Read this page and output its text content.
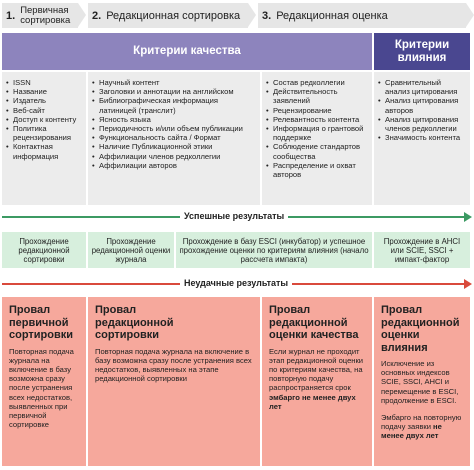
1. Первичная сортировка	2. Редакционная сортировка 3. Редакционная оценка
Критерии качества
Критерии влияния
• ISSN
• Название
• Издатель
• Веб-сайт
• Доступ к контенту
• Политика рецензирования
• Контактная информация
• Научный контент
• Заголовки и аннотации на английском
• Библиографическая информация латиницей (транслит)
• Ясность языка
• Периодичность и/или объем публикации
• Функциональность сайта / Формат
• Наличие Публикационной этики
• Аффилиации членов редколлегии
• Аффилиации авторов
• Состав редколлегии
• Действительность заявлений
• Рецензирование
• Релевантность контента
• Информация о грантовой поддержке
• Соблюдение стандартов сообщества
• Распределение и охват авторов
• Сравнительный анализ цитирования
• Анализ цитирования авторов
• Анализ цитирования членов редколлегии
• Значимость контента
Успешные результаты
Прохождение редакционной сортировки
Прохождение редакционной оценки журнала
Прохождение в базу ESCI (инкубатор) и успешное прохождение оценки по критериям влияния (начало рассчета импакта)
Прохождение в AHCI или SCIE, SSCI + импакт-фактор
Неудачные результаты
Провал первичной сортировки
Повторная подача журнала на включение в базу возможна сразу после устранения всех недостатков, выявленных при первичной сортировке
Провал редакционной сортировки
Повторная подача журнала на включение в базу возможна сразу после устранения всех недостатков, выявленных на этапе редакционной сортировки
Провал редакционной оценки качества
Если журнал не проходит этап редакционной оценки по критериям качества, на повторную подачу распространяется срок эмбарго не менее двух лет
Провал редакционной оценки влияния
Исключение из основных индексов SCIE, SSCI, AHCI и перемещение в ESCI, продолжение в ESCI.
Эмбарго на повторную подачу заявки не менее двух лет
